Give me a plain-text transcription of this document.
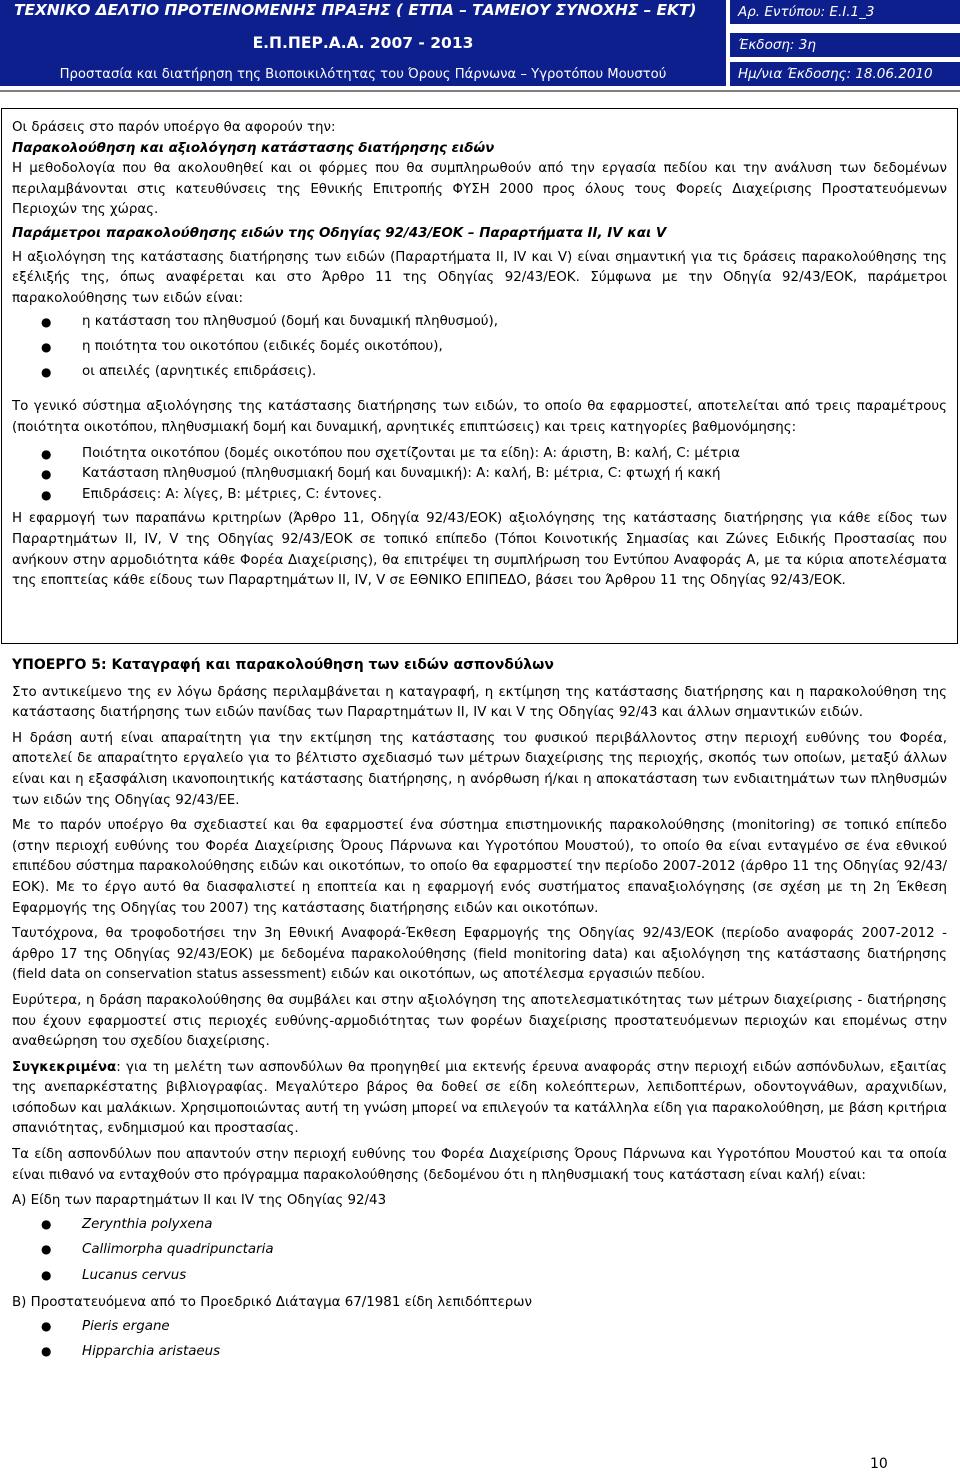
ΤΕΧΝΙΚΟ ΔΕΛΤΙΟ ΠΡΟΤΕΙΝΟΜΕΝΗΣ ΠΡΑΞΗΣ ( ΕΤΠΑ – ΤΑΜΕΙΟΥ ΣΥΝΟΧΗΣ – ΕΚΤ)
Ε.Π.ΠΕΡ.Α.Α. 2007 - 2013
Προστασία και διατήρηση της Βιοποικιλότητας του Όρους Πάρνωνα – Υγροτόπου Μουστού
Αρ. Εντύπου: Ε.Ι.1_3
Έκδοση: 3η
Ημ/νια Έκδοσης: 18.06.2010

Οι δράσεις στο παρόν υποέργο θα αφορούν την:

Παρακολούθηση και αξιολόγηση κατάστασης διατήρησης ειδών

Η μεθοδολογία που θα ακολουθηθεί και οι φόρμες που θα συμπληρωθούν από την εργασία πεδίου και την ανάλυση των δεδομένων περιλαμβάνονται στις κατευθύνσεις της Εθνικής Επιτροπής ΦΥΣΗ 2000 προς όλους τους Φορείς Διαχείρισης Προστατευόμενων Περιοχών της χώρας.

Παράμετροι παρακολούθησης ειδών της Οδηγίας 92/43/ΕΟΚ – Παραρτήματα ΙΙ, ΙV και V

Η αξιολόγηση της κατάστασης διατήρησης των ειδών (Παραρτήματα ΙΙ, ΙV και V) είναι σημαντική για τις δράσεις παρακολούθησης της εξέλιξής της, όπως αναφέρεται και στο Άρθρο 11 της Οδηγίας 92/43/ΕΟΚ. Σύμφωνα με την Οδηγία 92/43/ΕΟΚ, παράμετροι παρακολούθησης των ειδών είναι:

● η κατάσταση του πληθυσμού (δομή και δυναμική πληθυσμού),
● η ποιότητα του οικοτόπου (ειδικές δομές οικοτόπου),
● οι απειλές (αρνητικές επιδράσεις).

Το γενικό σύστημα αξιολόγησης της κατάστασης διατήρησης των ειδών, το οποίο θα εφαρμοστεί, αποτελείται από τρεις παραμέτρους (ποιότητα οικοτόπου, πληθυσμιακή δομή και δυναμική, αρνητικές επιπτώσεις) και τρεις κατηγορίες βαθμονόμησης:

● Ποιότητα οικοτόπου (δομές οικοτόπου που σχετίζονται με τα είδη): Α: άριστη, Β: καλή, C: μέτρια
● Κατάσταση πληθυσμού (πληθυσμιακή δομή και δυναμική): Α: καλή, Β: μέτρια, C: φτωχή ή κακή
● Επιδράσεις: Α: λίγες, Β: μέτριες, C: έντονες.

Η εφαρμογή των παραπάνω κριτηρίων (Άρθρο 11, Οδηγία 92/43/ΕΟΚ) αξιολόγησης της κατάστασης διατήρησης για κάθε είδος των Παραρτημάτων ΙΙ, ΙV, V της Οδηγίας 92/43/ΕΟΚ σε τοπικό επίπεδο (Τόποι Κοινοτικής Σημασίας και Ζώνες Ειδικής Προστασίας που ανήκουν στην αρμοδιότητα κάθε Φορέα Διαχείρισης), θα επιτρέψει τη συμπλήρωση του Εντύπου Αναφοράς Α, με τα κύρια αποτελέσματα της εποπτείας κάθε είδους των Παραρτημάτων ΙΙ, ΙV, V σε ΕΘΝΙΚΟ ΕΠΙΠΕΔΟ, βάσει του Άρθρου 11 της Οδηγίας 92/43/ΕΟΚ.

ΥΠΟΕΡΓΟ 5: Καταγραφή και παρακολούθηση των ειδών ασπονδύλων

Στο αντικείμενο της εν λόγω δράσης περιλαμβάνεται η καταγραφή, η εκτίμηση της κατάστασης διατήρησης και η παρακολούθηση της κατάστασης διατήρησης των ειδών πανίδας των Παραρτημάτων ΙΙ, ΙV και V της Οδηγίας 92/43 και άλλων σημαντικών ειδών.

Η δράση αυτή είναι απαραίτητη για την εκτίμηση της κατάστασης του φυσικού περιβάλλοντος στην περιοχή ευθύνης του Φορέα, αποτελεί δε απαραίτητο εργαλείο για το βέλτιστο σχεδιασμό των μέτρων διαχείρισης της περιοχής, σκοπός των οποίων, μεταξύ άλλων είναι και η εξασφάλιση ικανοποιητικής κατάστασης διατήρησης, η ανόρθωση ή/και η αποκατάσταση των ενδιαιτημάτων των πληθυσμών των ειδών της Οδηγίας 92/43/ΕΕ.

Με το παρόν υποέργο θα σχεδιαστεί και θα εφαρμοστεί ένα σύστημα επιστημονικής παρακολούθησης (monitoring) σε τοπικό επίπεδο (στην περιοχή ευθύνης του Φορέα Διαχείρισης Όρους Πάρνωνα και Υγροτόπου Μουστού), το οποίο θα είναι ενταγμένο σε ένα εθνικού επιπέδου σύστημα παρακολούθησης ειδών και οικοτόπων, το οποίο θα εφαρμοστεί την περίοδο 2007-2012 (άρθρο 11 της Οδηγίας 92/43/ΕΟΚ). Με το έργο αυτό θα διασφαλιστεί η εποπτεία και η εφαρμογή ενός συστήματος επαναξιολόγησης (σε σχέση με τη 2η Έκθεση Εφαρμογής της Οδηγίας του 2007) της κατάστασης διατήρησης ειδών και οικοτόπων.

Ταυτόχρονα, θα τροφοδοτήσει την 3η Εθνική Αναφορά-Έκθεση Εφαρμογής της Οδηγίας 92/43/ΕΟΚ (περίοδο αναφοράς 2007-2012 - άρθρο 17 της Οδηγίας 92/43/ΕΟΚ) με δεδομένα παρακολούθησης (field monitoring data) και αξιολόγηση της κατάστασης διατήρησης (field data on conservation status assessment) ειδών και οικοτόπων, ως αποτέλεσμα εργασιών πεδίου.

Ευρύτερα, η δράση παρακολούθησης θα συμβάλει και στην αξιολόγηση της αποτελεσματικότητας των μέτρων διαχείρισης - διατήρησης που έχουν εφαρμοστεί στις περιοχές ευθύνης-αρμοδιότητας των φορέων διαχείρισης προστατευόμενων περιοχών και επομένως στην αναθεώρηση του σχεδίου διαχείρισης.

Συγκεκριμένα: για τη μελέτη των ασπονδύλων θα προηγηθεί μια εκτενής έρευνα αναφοράς στην περιοχή ειδών ασπόνδυλων, εξαιτίας της ανεπαρκέστατης βιβλιογραφίας. Μεγαλύτερο βάρος θα δοθεί σε είδη κολεόπτερων, λεπιδοπτέρων, οδοντογνάθων, αραχνιδίων, ισόποδων και μαλάκιων. Χρησιμοποιώντας αυτή τη γνώση μπορεί να επιλεγούν τα κατάλληλα είδη για παρακολούθηση, με βάση κριτήρια σπανιότητας, ενδημισμού και προστασίας.

Τα είδη ασπονδύλων που απαντούν στην περιοχή ευθύνης του Φορέα Διαχείρισης Όρους Πάρνωνα και Υγροτόπου Μουστού και τα οποία είναι πιθανό να ενταχθούν στο πρόγραμμα παρακολούθησης (δεδομένου ότι η πληθυσμιακή τους κατάσταση είναι καλή) είναι:

Α) Είδη των παραρτημάτων ΙΙ και ΙV της Οδηγίας 92/43

● Zerynthia polyxena
● Callimorpha quadripunctaria
● Lucanus cervus

Β) Προστατευόμενα από το Προεδρικό Διάταγμα 67/1981 είδη λεπιδόπτερων

● Pieris ergane
● Hipparchia aristaeus
10
